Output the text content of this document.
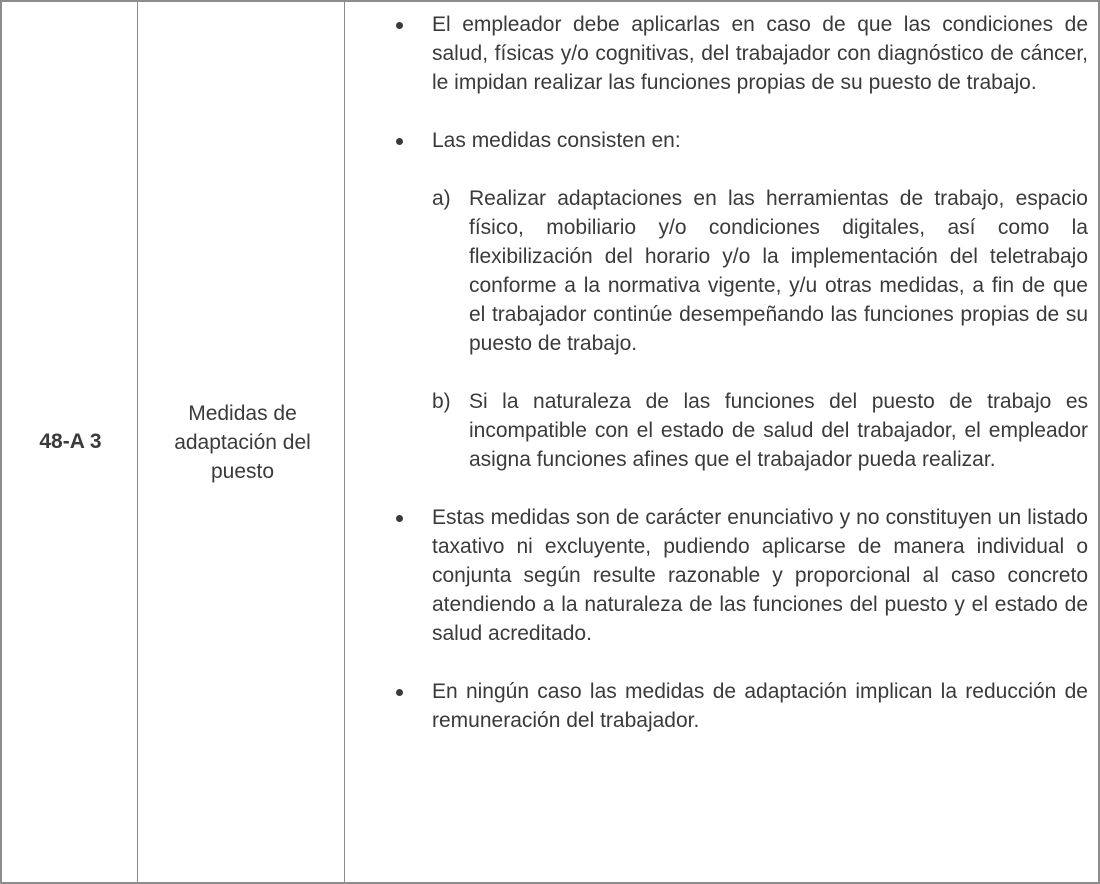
48-A 3
Medidas de adaptación del puesto
El empleador debe aplicarlas en caso de que las condiciones de salud, físicas y/o cognitivas, del trabajador con diagnóstico de cáncer, le impidan realizar las funciones propias de su puesto de trabajo.
Las medidas consisten en:
a) Realizar adaptaciones en las herramientas de trabajo, espacio físico, mobiliario y/o condiciones digitales, así como la flexibilización del horario y/o la implementación del teletrabajo conforme a la normativa vigente, y/u otras medidas, a fin de que el trabajador continúe desempeñando las funciones propias de su puesto de trabajo.
b) Si la naturaleza de las funciones del puesto de trabajo es incompatible con el estado de salud del trabajador, el empleador asigna funciones afines que el trabajador pueda realizar.
Estas medidas son de carácter enunciativo y no constituyen un listado taxativo ni excluyente, pudiendo aplicarse de manera individual o conjunta según resulte razonable y proporcional al caso concreto atendiendo a la naturaleza de las funciones del puesto y el estado de salud acreditado.
En ningún caso las medidas de adaptación implican la reducción de remuneración del trabajador.
